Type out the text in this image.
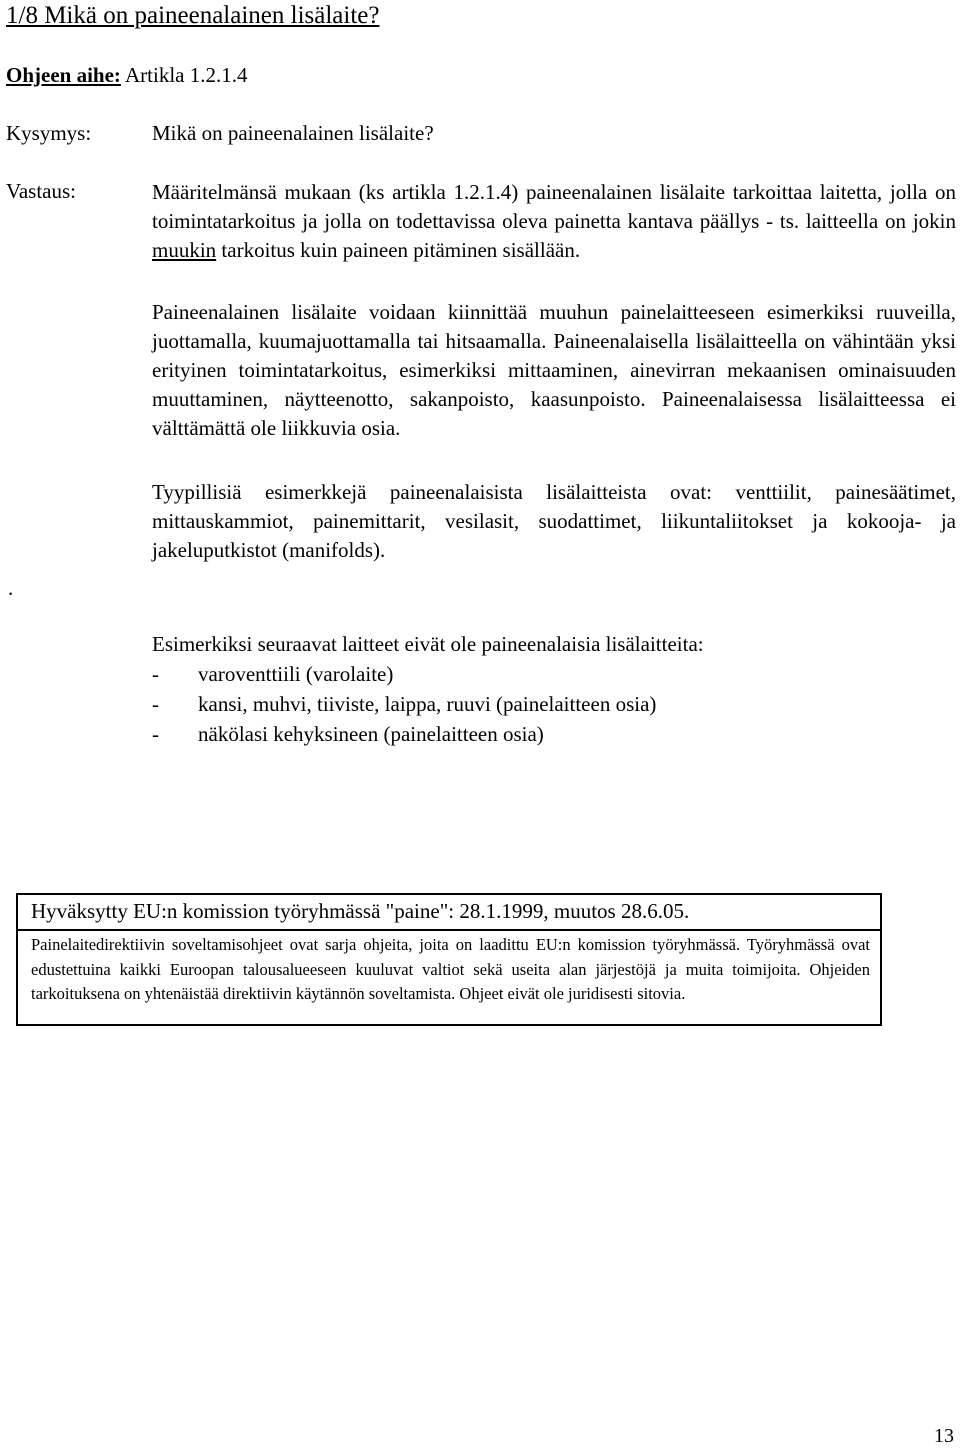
1/8 Mikä on paineenalainen lisälaite?
Ohjeen aihe: Artikla 1.2.1.4
Kysymys:	Mikä on paineenalainen lisälaite?
Vastaus:	Määritelmänsä mukaan (ks artikla 1.2.1.4) paineenalainen lisälaite tarkoittaa laitetta, jolla on toimintatarkoitus ja jolla on todettavissa oleva painetta kantava päällys - ts. laitteella on jokin muukin tarkoitus kuin paineen pitäminen sisällään.

Paineenalainen lisälaite voidaan kiinnittää muuhun painelaitteeseen esimerkiksi ruuveilla, juottamalla, kuumajuottamalla tai hitsaamalla. Paineenalaisella lisälaitteella on vähintään yksi erityinen toimintatarkoitus, esimerkiksi mittaaminen, ainevirran mekaanisen ominaisuuden muuttaminen, näytteenotto, sakanpoisto, kaasunpoisto. Paineenalaisessa lisälaitteessa ei välttämättä ole liikkuvia osia.

Tyypillisiä esimerkkejä paineenalaisista lisälaitteista ovat: venttiilit, painesäätimet, mittauskammiot, painemittarit, vesilasit, suodattimet, liikuntaliitokset ja kokooja- ja jakeluputkistot (manifolds).

.
Esimerkiksi seuraavat laitteet eivät ole paineenalaisia lisälaitteita:
-	varoventtiili (varolaite)
-	kansi, muhvi, tiiviste, laippa, ruuvi (painelaitteen osia)
-	näkölasi kehyksineen (painelaitteen osia)
Hyväksytty EU:n komission työryhmässä "paine": 28.1.1999, muutos 28.6.05.
Painelaitedirektiivin soveltamisohjeet ovat sarja ohjeita, joita on laadittu EU:n komission työryhmässä. Työryhmässä ovat edustettuina kaikki Euroopan talousalueeseen kuuluvat valtiot sekä useita alan järjestöjä ja muita toimijoita. Ohjeiden tarkoituksena on yhtenäistää direktiivin käytännön soveltamista. Ohjeet eivät ole juridisesti sitovia.
13
